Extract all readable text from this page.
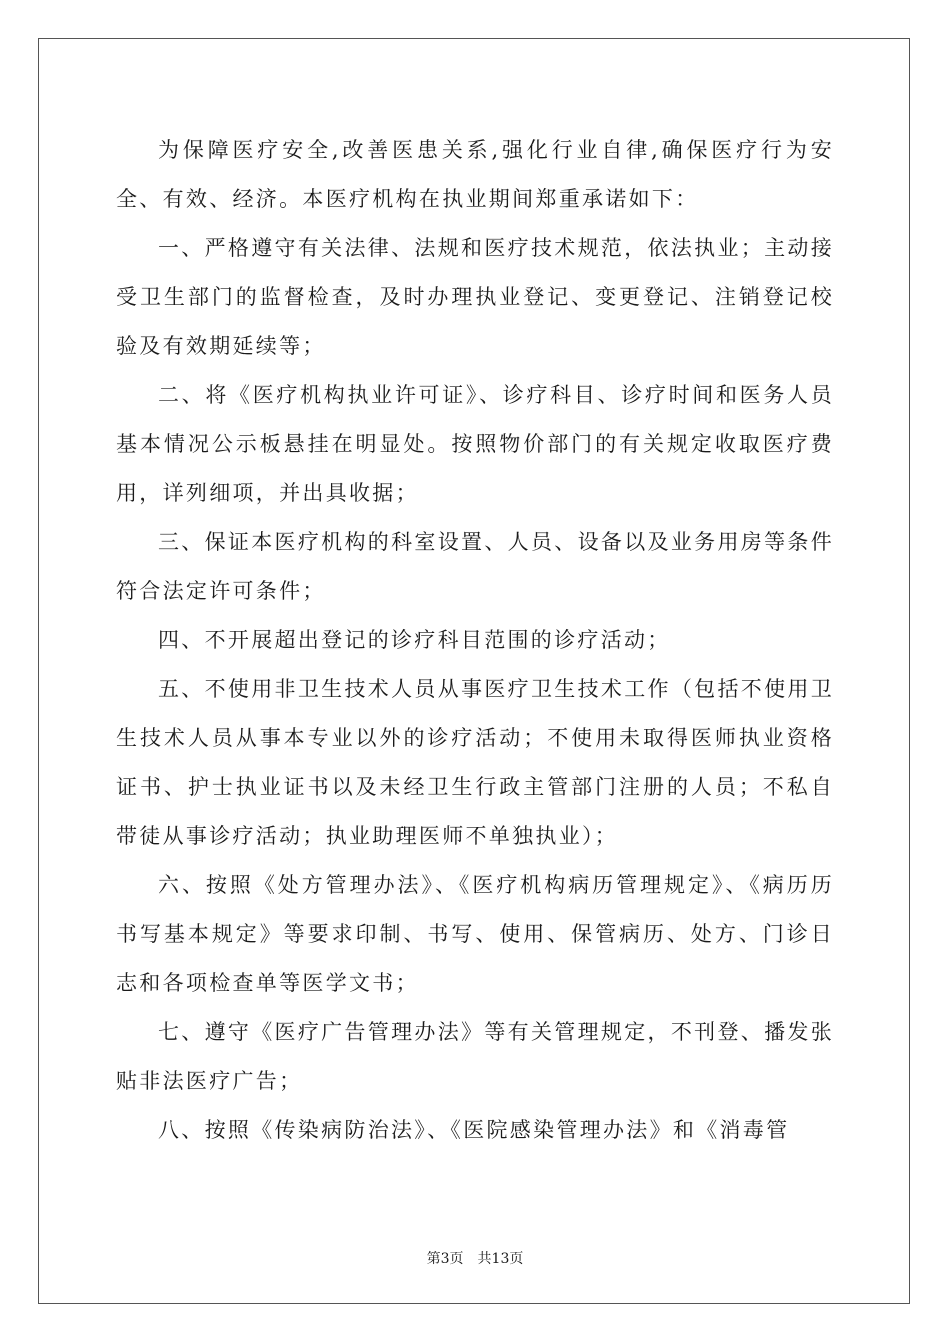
为保障医疗安全,改善医患关系,强化行业自律,确保医疗行为安全、有效、经济。本医疗机构在执业期间郑重承诺如下：

一、严格遵守有关法律、法规和医疗技术规范，依法执业；主动接受卫生部门的监督检查，及时办理执业登记、变更登记、注销登记校验及有效期延续等；

二、将《医疗机构执业许可证》、诊疗科目、诊疗时间和医务人员基本情况公示板悬挂在明显处。按照物价部门的有关规定收取医疗费用，详列细项，并出具收据；

三、保证本医疗机构的科室设置、人员、设备以及业务用房等条件符合法定许可条件；

四、不开展超出登记的诊疗科目范围的诊疗活动；

五、不使用非卫生技术人员从事医疗卫生技术工作（包括不使用卫生技术人员从事本专业以外的诊疗活动；不使用未取得医师执业资格证书、护士执业证书以及未经卫生行政主管部门注册的人员；不私自带徒从事诊疗活动；执业助理医师不单独执业）；

六、按照《处方管理办法》、《医疗机构病历管理规定》、《病历历书写基本规定》等要求印制、书写、使用、保管病历、处方、门诊日志和各项检查单等医学文书；

七、遵守《医疗广告管理办法》等有关管理规定，不刊登、播发张贴非法医疗广告；

八、按照《传染病防治法》、《医院感染管理办法》和《消毒管

第3页 共13页
